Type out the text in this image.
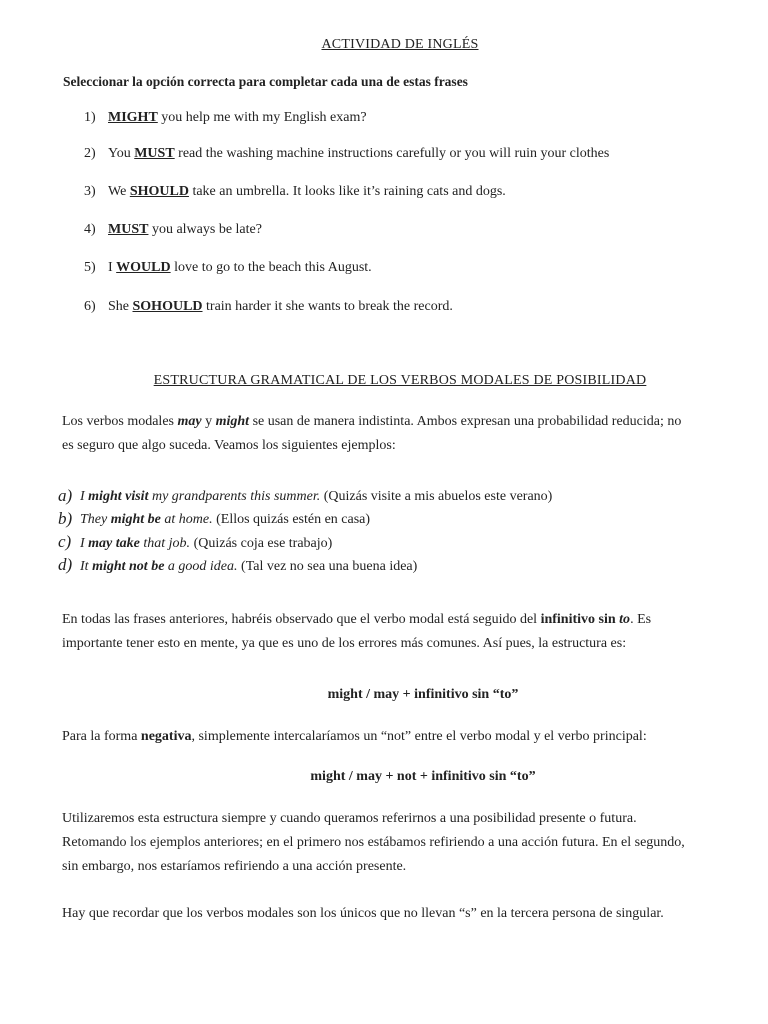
ACTIVIDAD DE INGLÉS

Seleccionar la opción correcta para completar cada una de estas frases

1) MIGHT you help me with my English exam?
2) You MUST read the washing machine instructions carefully or you will ruin your clothes
3) We SHOULD take an umbrella. It looks like it’s raining cats and dogs.
4) MUST you always be late?
5) I WOULD love to go to the beach this August.
6) She SOHOULD train harder it she wants to break the record.
ESTRUCTURA GRAMATICAL DE LOS VERBOS MODALES DE POSIBILIDAD

Los verbos modales may y might se usan de manera indistinta. Ambos expresan una probabilidad reducida; no

es seguro que algo suceda. Veamos los siguientes ejemplos:

a) I might visit my grandparents this summer. (Quizás visite a mis abuelos este verano)
b) They might be at home. (Ellos quizás estén en casa)
c) I may take that job. (Quizás coja ese trabajo)
d) It might not be a good idea. (Tal vez no sea una buena idea)

En todas las frases anteriores, habréis observado que el verbo modal está seguido del infinitivo sin to. Es

importante tener esto en mente, ya que es uno de los errores más comunes. Así pues, la estructura es:

might / may + infinitivo sin “to”

Para la forma negativa, simplemente intercalaríamos un “not” entre el verbo modal y el verbo principal:

might / may + not + infinitivo sin “to”

Utilizaremos esta estructura siempre y cuando queramos referirnos a una posibilidad presente o futura.

Retomando los ejemplos anteriores; en el primero nos estábamos refiriendo a una acción futura. En el segundo,

sin embargo, nos estaríamos refiriendo a una acción presente.

Hay que recordar que los verbos modales son los únicos que no llevan “s” en la tercera persona de singular.
